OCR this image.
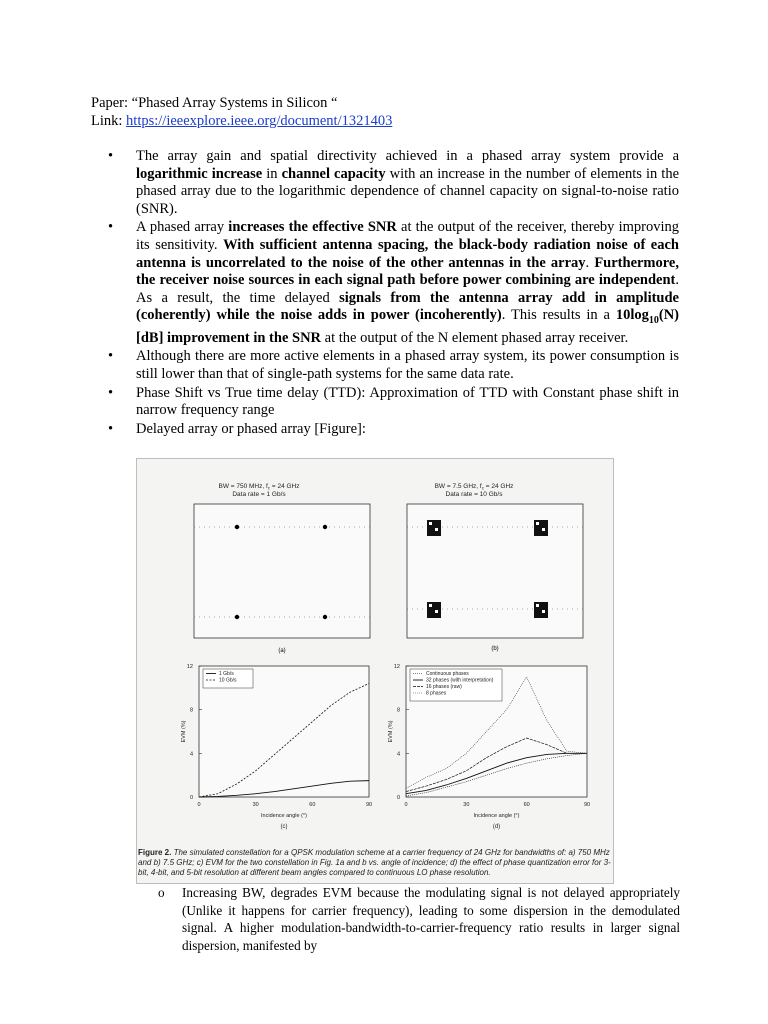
Paper: “Phased Array Systems in Silicon “
Link: https://ieeexplore.ieee.org/document/1321403
• The array gain and spatial directivity achieved in a phased array system provide a logarithmic increase in channel capacity with an increase in the number of elements in the phased array due to the logarithmic dependence of channel capacity on signal-to-noise ratio (SNR).
• A phased array increases the effective SNR at the output of the receiver, thereby improving its sensitivity. With sufficient antenna spacing, the black-body radiation noise of each antenna is uncorrelated to the noise of the other antennas in the array. Furthermore, the receiver noise sources in each signal path before power combining are independent. As a result, the time delayed signals from the antenna array add in amplitude (coherently) while the noise adds in power (incoherently). This results in a $10\log_{10}(N)$ [dB] improvement in the SNR at the output of the N element phased array receiver.
• Although there are more active elements in a phased array system, its power consumption is still lower than that of single-path systems for the same data rate.
• Phase Shift vs True time delay (TTD): Approximation of TTD with Constant phase shift in narrow frequency range
• Delayed array or phased array [Figure]:
BW = 750 MHz, $f_c = 24$ GHz
Data rate = 1 Gb/s
BW = 7.5 GHz, $f_c = 24$ GHz
Data rate = 10 Gb/s
(a)	(b)
0
4
8
12
0	30	60	90
Incidence angle (°)
EVM (%)
(c)
1 Gb/s
10 Gb/s
0
4
8
12
0	30	60	90
Incidence angle (°)
EVM (%)
(d)
Continuous phases
32 phases (with interpretation)
16 phases (raw)
8 phases
Figure 2. The simulated constellation for a QPSK modulation scheme at a carrier frequency of 24 GHz for bandwidths of: a) 750 MHz and b) 7.5 GHz; c) EVM for the two constellation in Fig. 1a and b vs. angle of incidence; d) the effect of phase quantization error for 3-bit, 4-bit, and 5-bit resolution at different beam angles compared to continuous LO phase resolution.
o Increasing BW, degrades EVM because the modulating signal is not delayed appropriately (Unlike it happens for carrier frequency), leading to some dispersion in the demodulated signal. A higher modulation-bandwidth-to-carrier-frequency ratio results in larger signal dispersion, manifested by
